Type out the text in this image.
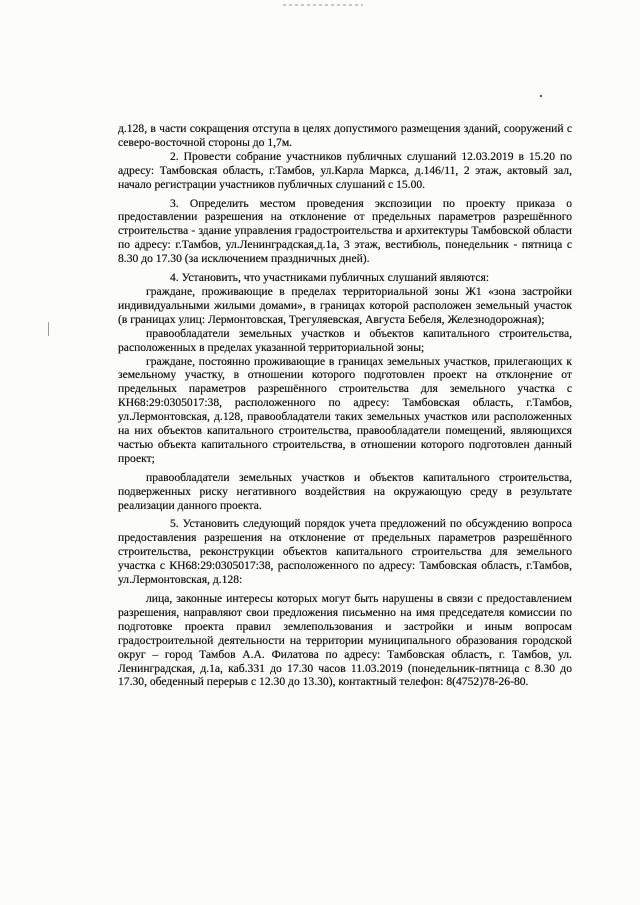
д.128, в части сокращения отступа в целях допустимого размещения зданий, сооружений с северо-восточной стороны до 1,7м.

2. Провести собрание участников публичных слушаний 12.03.2019 в 15.20 по адресу: Тамбовская область, г.Тамбов, ул.Карла Маркса, д.146/11, 2 этаж, актовый зал, начало регистрации участников публичных слушаний с 15.00.

3. Определить местом проведения экспозиции по проекту приказа о предоставлении разрешения на отклонение от предельных параметров разрешённого строительства - здание управления градостроительства и архитектуры Тамбовской области по адресу: г.Тамбов, ул.Ленинградская,д.1а, 3 этаж, вестибюль, понедельник - пятница с 8.30 до 17.30 (за исключением праздничных дней).

4. Установить, что участниками публичных слушаний являются:

граждане, проживающие в пределах территориальной зоны Ж1 «зона застройки индивидуальными жилыми домами», в границах которой расположен земельный участок (в границах улиц: Лермонтовская, Трегуляевская, Августа Бебеля, Железнодорожная);

правообладатели земельных участков и объектов капитального строительства, расположенных в пределах указанной территориальной зоны;

граждане, постоянно проживающие в границах земельных участков, прилегающих к земельному участку, в отношении которого подготовлен проект на отклонение от предельных параметров разрешённого строительства для земельного участка с КН68:29:0305017:38, расположенного по адресу: Тамбовская область, г.Тамбов, ул.Лермонтовская, д.128, правообладатели таких земельных участков или расположенных на них объектов капитального строительства, правообладатели помещений, являющихся частью объекта капитального строительства, в отношении которого подготовлен данный проект;

правообладатели земельных участков и объектов капитального строительства, подверженных риску негативного воздействия на окружающую среду в результате реализации данного проекта.

5. Установить следующий порядок учета предложений по обсуждению вопроса предоставления разрешения на отклонение от предельных параметров разрешённого строительства, реконструкции объектов капитального строительства для земельного участка с КН68:29:0305017:38, расположенного по адресу: Тамбовская область, г.Тамбов, ул.Лермонтовская, д.128:

лица, законные интересы которых могут быть нарушены в связи с предоставлением разрешения, направляют свои предложения письменно на имя председателя комиссии по подготовке проекта правил землепользования и застройки и иным вопросам градостроительной деятельности на территории муниципального образования городской округ – город Тамбов А.А. Филатова по адресу: Тамбовская область, г. Тамбов, ул. Ленинградская, д.1а, каб.331 до 17.30 часов 11.03.2019 (понедельник-пятница с 8.30 до 17.30, обеденный перерыв с 12.30 до 13.30), контактный телефон: 8(4752)78-26-80.
